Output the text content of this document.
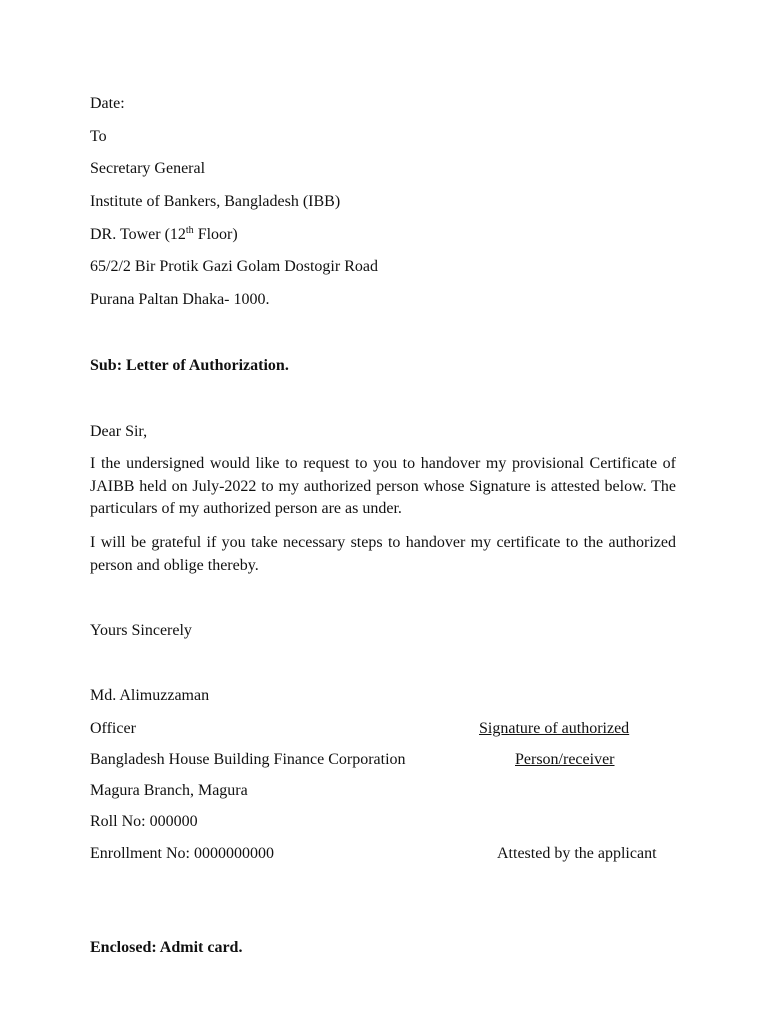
Date:
To
Secretary General
Institute of Bankers, Bangladesh (IBB)
DR. Tower (12th Floor)
65/2/2 Bir Protik Gazi Golam Dostogir Road
Purana Paltan Dhaka- 1000.
Sub: Letter of Authorization.
Dear Sir,
I the undersigned would like to request to you to handover my provisional Certificate of JAIBB held on July-2022 to my authorized person whose Signature is attested below. The particulars of my authorized person are as under.
I will be grateful if you take necessary steps to handover my certificate to the authorized person and oblige thereby.
Yours Sincerely
Md. Alimuzzaman
Officer
Bangladesh House Building Finance Corporation
Magura Branch, Magura
Roll No: 000000
Enrollment No: 0000000000
Signature of authorized
Person/receiver
Attested by the applicant
Enclosed: Admit card.
